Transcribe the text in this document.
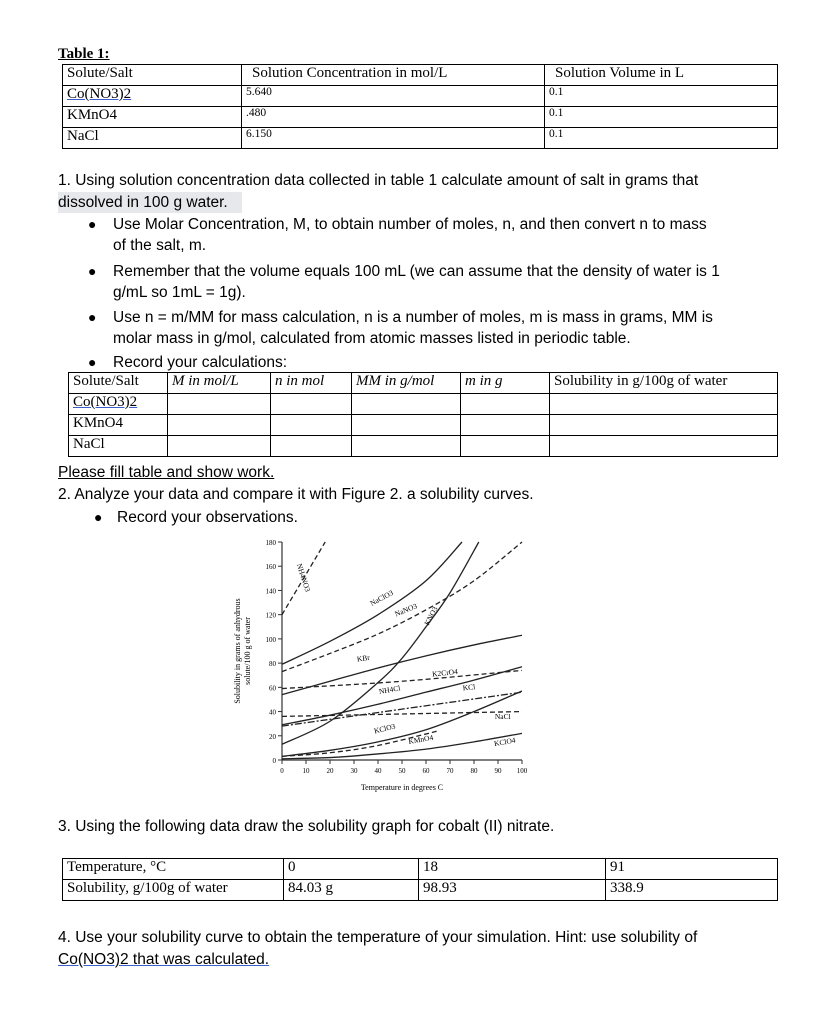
Table 1:
Solute/Salt	Solution Concentration in mol/L	Solution Volume in L
Co(NO3)2	5.640	0.1
KMnO4	.480	0.1
NaCl	6.150	0.1
1. Using solution concentration data collected in table 1 calculate amount of salt in grams that
dissolved in 100 g water.
● Use Molar Concentration, M, to obtain number of moles, n, and then convert n to mass
of the salt, m.
● Remember that the volume equals 100 mL (we can assume that the density of water is 1
g/mL so 1mL = 1g).
● Use n = m/MM for mass calculation, n is a number of moles, m is mass in grams, MM is
molar mass in g/mol, calculated from atomic masses listed in periodic table.
● Record your calculations:
Solute/Salt	M in mol/L	n in mol	MM in g/mol	m in g	Solubility in g/100g of water
Co(NO3)2					
KMnO4					
NaCl					
Please fill table and show work.
2. Analyze your data and compare it with Figure 2. a solubility curves.
● Record your observations.
0
20
40
60
80
100
120
140
160
180
0	10 20 30 40 50 60 70 80 90 100
Temperature in degrees C
Solubility in grams of anhydrous solute/100 g of water
NH4NO3
NaClO3
NaNO3 KNO3
KBr
K2CrO4
NH4Cl	KCl
NaCl
KClO3
KMnO4	KClO4
3. Using the following data draw the solubility graph for cobalt (II) nitrate.
Temperature, °C	0	18	91
Solubility, g/100g of water	84.03 g	98.93	338.9
4. Use your solubility curve to obtain the temperature of your simulation. Hint: use solubility of
Co(NO3)2 that was calculated.
